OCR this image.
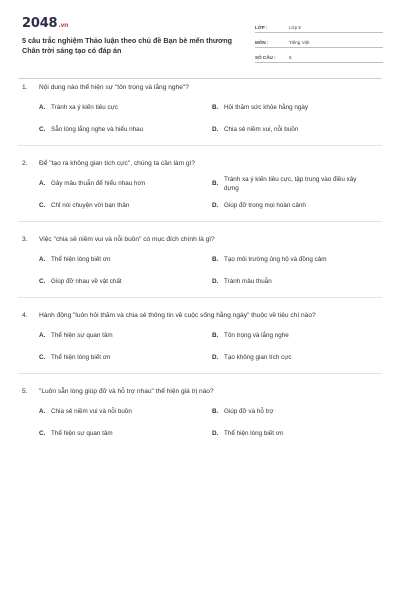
2048.vn
5 câu trắc nghiệm Thảo luận theo chủ đề Bạn bè mến thương Chân trời sáng tạo có đáp án
LỚP :	Lớp 5
MÔN :	Tiếng Việt
SỐ CÂU :	5
1. Nội dung nào thể hiện sự "tôn trọng và lắng nghe"?
A. Tránh xa ý kiến tiêu cực	B. Hỏi thăm sức khỏe hằng ngày
C. Sẵn lòng lắng nghe và hiểu nhau	D. Chia sẻ niềm vui, nỗi buồn
2. Để "tạo ra không gian tích cực", chúng ta cần làm gì?
A. Gây mâu thuẫn để hiểu nhau hơn	B.
Tránh xa ý kiến tiêu cực, tập trung vào điều xây dựng
C. Chỉ nói chuyện với bạn thân	D. Giúp đỡ trong mọi hoàn cảnh
3. Việc "chia sẻ niềm vui và nỗi buồn" có mục đích chính là gì?
A. Thể hiện lòng biết ơn	B. Tạo môi trường ủng hộ và đồng cảm
C. Giúp đỡ nhau về vật chất	D. Tránh mâu thuẫn
4. Hành động "luôn hỏi thăm và chia sẻ thông tin về cuộc sống hằng ngày" thuộc về tiêu chí nào?
A. Thể hiện sự quan tâm	B. Tôn trọng và lắng nghe
C. Thể hiện lòng biết ơn	D. Tạo không gian tích cực
5. "Luôn sẵn lòng giúp đỡ và hỗ trợ nhau" thể hiện giá trị nào?
A. Chia sẻ niềm vui và nỗi buồn	B. Giúp đỡ và hỗ trợ
C. Thể hiện sự quan tâm	D. Thể hiện lòng biết ơn
